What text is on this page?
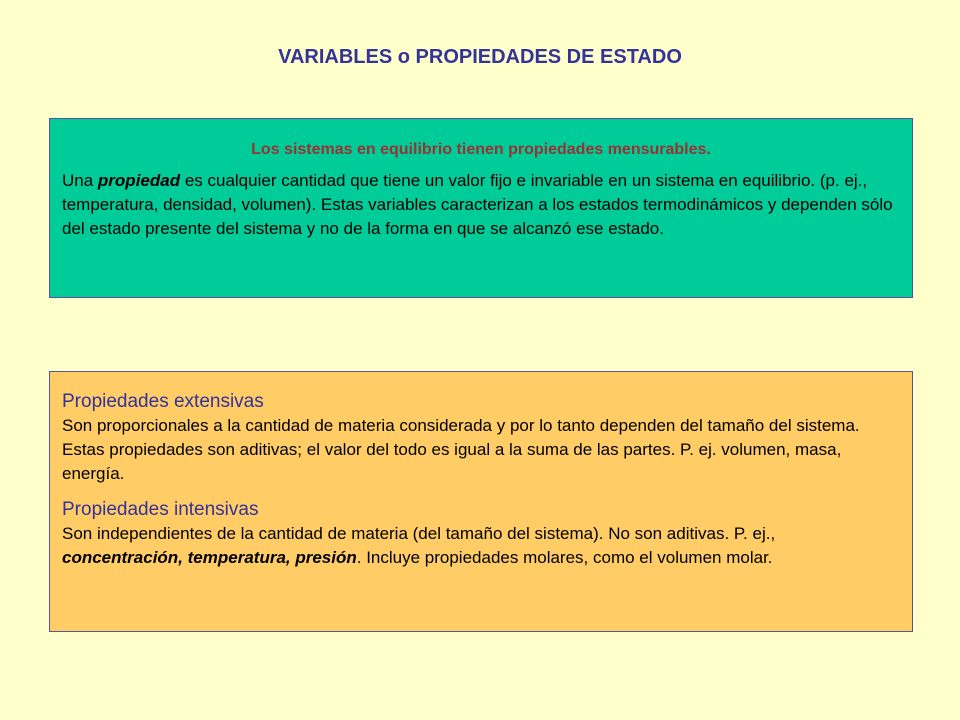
VARIABLES o PROPIEDADES DE ESTADO

Los sistemas en equilibrio tienen propiedades mensurables.

Una propiedad es cualquier cantidad que tiene un valor fijo e invariable en un sistema en equilibrio. (p. ej., temperatura, densidad, volumen). Estas variables caracterizan a los estados termodinámicos y dependen sólo del estado presente del sistema y no de la forma en que se alcanzó ese estado.

Propiedades extensivas

Son proporcionales a la cantidad de materia considerada y por lo tanto dependen del tamaño del sistema. Estas propiedades son aditivas; el valor del todo es igual a la suma de las partes. P. ej. volumen, masa, energía.

Propiedades intensivas

Son independientes de la cantidad de materia (del tamaño del sistema). No son aditivas. P. ej., concentración, temperatura, presión. Incluye propiedades molares, como el volumen molar.
